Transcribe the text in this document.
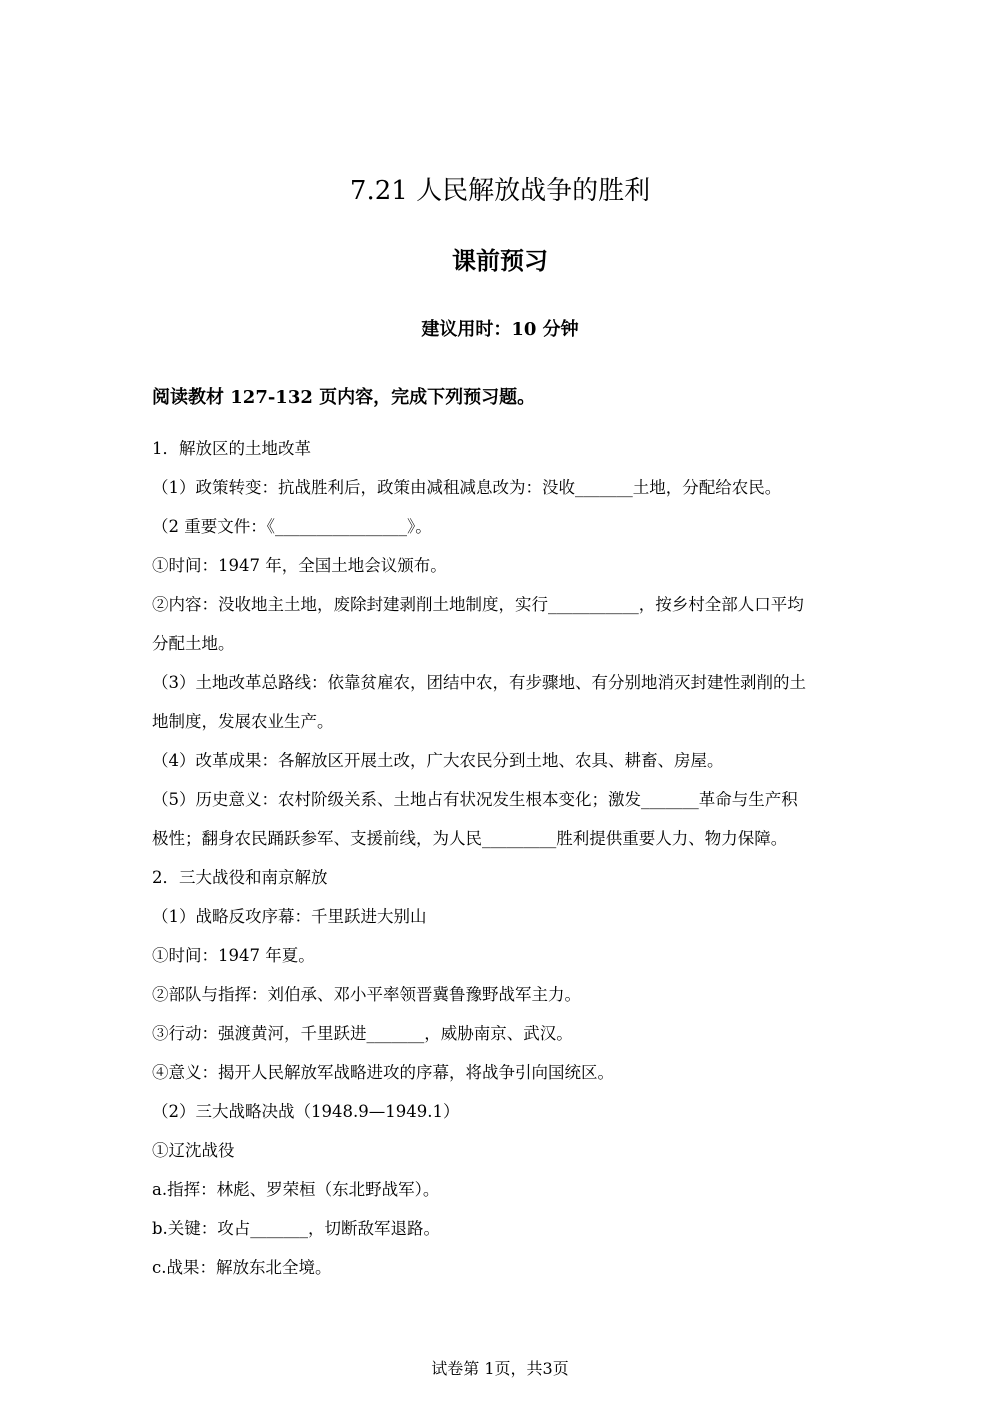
7.21 人民解放战争的胜利
课前预习
建议用时：10 分钟
阅读教材 127-132 页内容，完成下列预习题。
1．解放区的土地改革
（1）政策转变：抗战胜利后，政策由减租减息改为：没收_______土地，分配给农民。
（2 重要文件：《________________》。
①时间：1947 年，全国土地会议颁布。
②内容：没收地主土地，废除封建剥削土地制度，实行___________，按乡村全部人口平均
分配土地。
（3）土地改革总路线：依靠贫雇农，团结中农，有步骤地、有分别地消灭封建性剥削的土
地制度，发展农业生产。
（4）改革成果：各解放区开展土改，广大农民分到土地、农具、耕畜、房屋。
（5）历史意义：农村阶级关系、土地占有状况发生根本变化；激发_______革命与生产积
极性；翻身农民踊跃参军、支援前线，为人民_________胜利提供重要人力、物力保障。
2．三大战役和南京解放
（1）战略反攻序幕：千里跃进大别山
①时间：1947 年夏。
②部队与指挥：刘伯承、邓小平率领晋冀鲁豫野战军主力。
③行动：强渡黄河，千里跃进_______，威胁南京、武汉。
④意义：揭开人民解放军战略进攻的序幕，将战争引向国统区。
（2）三大战略决战（1948.9—1949.1）
①辽沈战役
a.指挥：林彪、罗荣桓（东北野战军）。
b.关键：攻占_______，切断敌军退路。
c.战果：解放东北全境。
试卷第 1页，共3页
